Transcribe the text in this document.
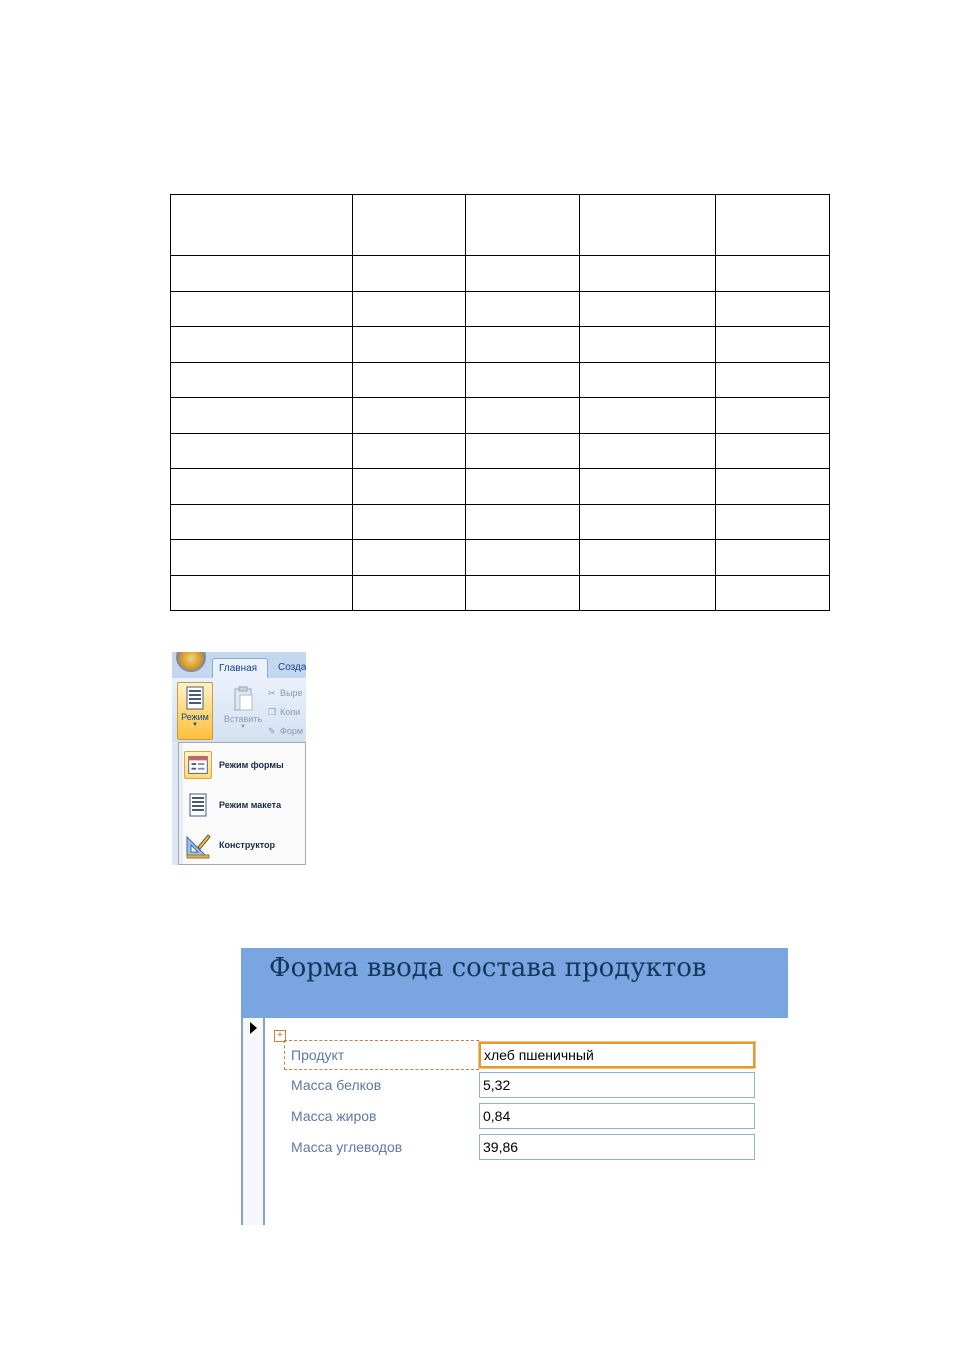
Главная	Созда
Режим
▼
Вставить
▼
✂ Выре
❐ Копи
✎ Форм
Режим формы
Режим макета
Конструктор
Форма ввода состава продуктов
+
Продукт	хлеб пшеничный
Масса белков	5,32
Масса жиров	0,84
Масса углеводов	39,86
